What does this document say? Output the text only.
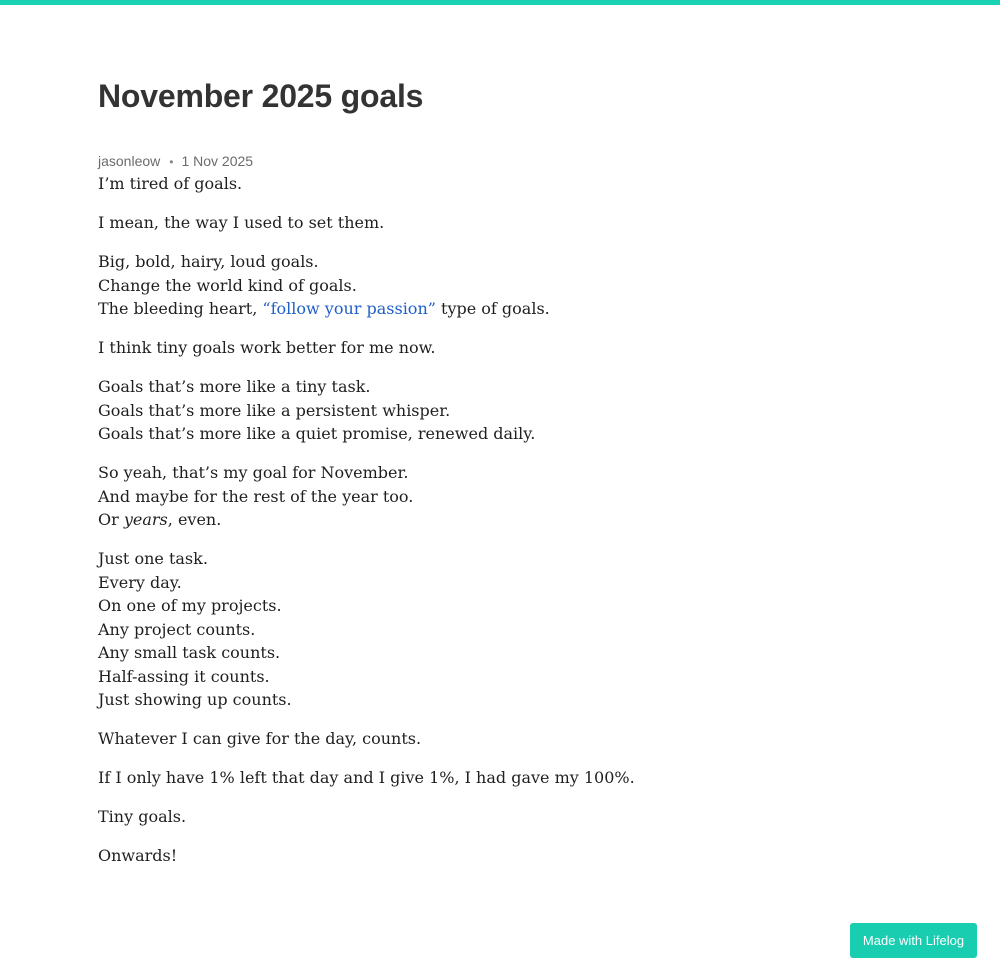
November 2025 goals
jasonleow • 1 Nov 2025

I’m tired of goals.

I mean, the way I used to set them.

Big, bold, hairy, loud goals.
Change the world kind of goals.
The bleeding heart, “follow your passion” type of goals.

I think tiny goals work better for me now.

Goals that’s more like a tiny task.
Goals that’s more like a persistent whisper.
Goals that’s more like a quiet promise, renewed daily.

So yeah, that’s my goal for November.
And maybe for the rest of the year too.
Or years, even.

Just one task.
Every day.
On one of my projects.
Any project counts.
Any small task counts.
Half-assing it counts.
Just showing up counts.

Whatever I can give for the day, counts.

If I only have 1% left that day and I give 1%, I had gave my 100%.

Tiny goals.

Onwards!

Made with Lifelog
